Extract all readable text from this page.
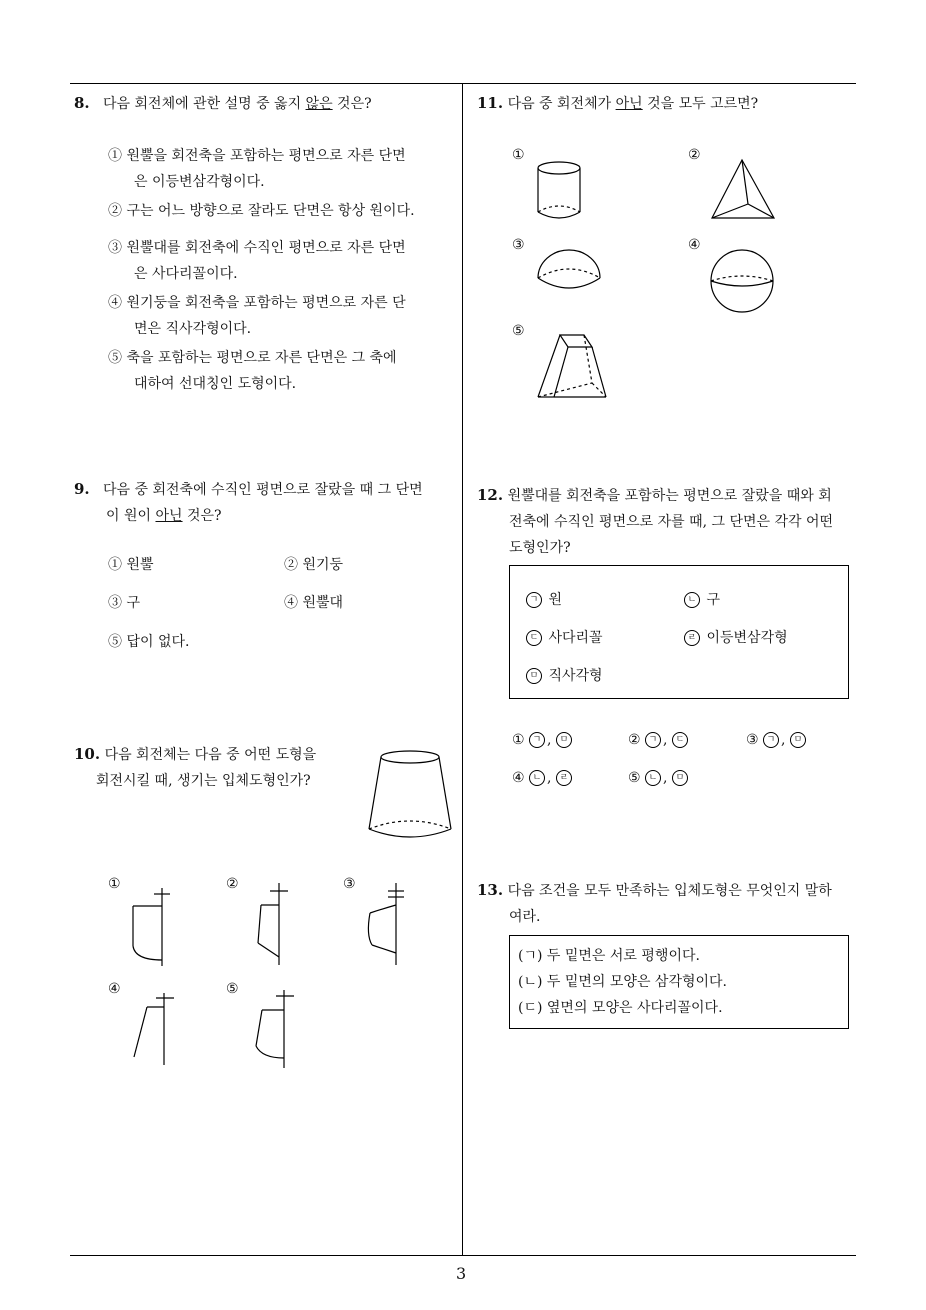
8. 다음 회전체에 관한 설명 중 옳지 않은 것은?
① 원뿔을 회전축을 포함하는 평면으로 자른 단면
은 이등변삼각형이다.
② 구는 어느 방향으로 잘라도 단면은 항상 원이다.
③ 원뿔대를 회전축에 수직인 평면으로 자른 단면
은 사다리꼴이다.
④ 원기둥을 회전축을 포함하는 평면으로 자른 단
면은 직사각형이다.
⑤ 축을 포함하는 평면으로 자른 단면은 그 축에
대하여 선대칭인 도형이다.
9. 다음 중 회전축에 수직인 평면으로 잘랐을 때 그 단면
이 원이 아닌 것은?
① 원뿔	② 원기둥
③ 구	④ 원뿔대
⑤ 답이 없다.
10. 다음 회전체는 다음 중 어떤 도형을
회전시킬 때, 생기는 입체도형인가?
①	②	③
④	⑤
11. 다음 중 회전체가 아닌 것을 모두 고르면?
①	②
③	④
⑤
12. 원뿔대를 회전축을 포함하는 평면으로 잘랐을 때와 회
전축에 수직인 평면으로 자를 때, 그 단면은 각각 어떤
도형인가?
ㄱ 원	ㄴ 구
ㄷ 사다리꼴	ㄹ 이등변삼각형
ㅁ 직사각형
① ㄱ , ㅁ	② ㄱ , ㄷ	③ ㄱ , ㅁ
④ ㄴ , ㄹ	⑤ ㄴ , ㅁ
13. 다음 조건을 모두 만족하는 입체도형은 무엇인지 말하
여라.
(ㄱ) 두 밑면은 서로 평행이다.
(ㄴ) 두 밑면의 모양은 삼각형이다.
(ㄷ) 옆면의 모양은 사다리꼴이다.
3
